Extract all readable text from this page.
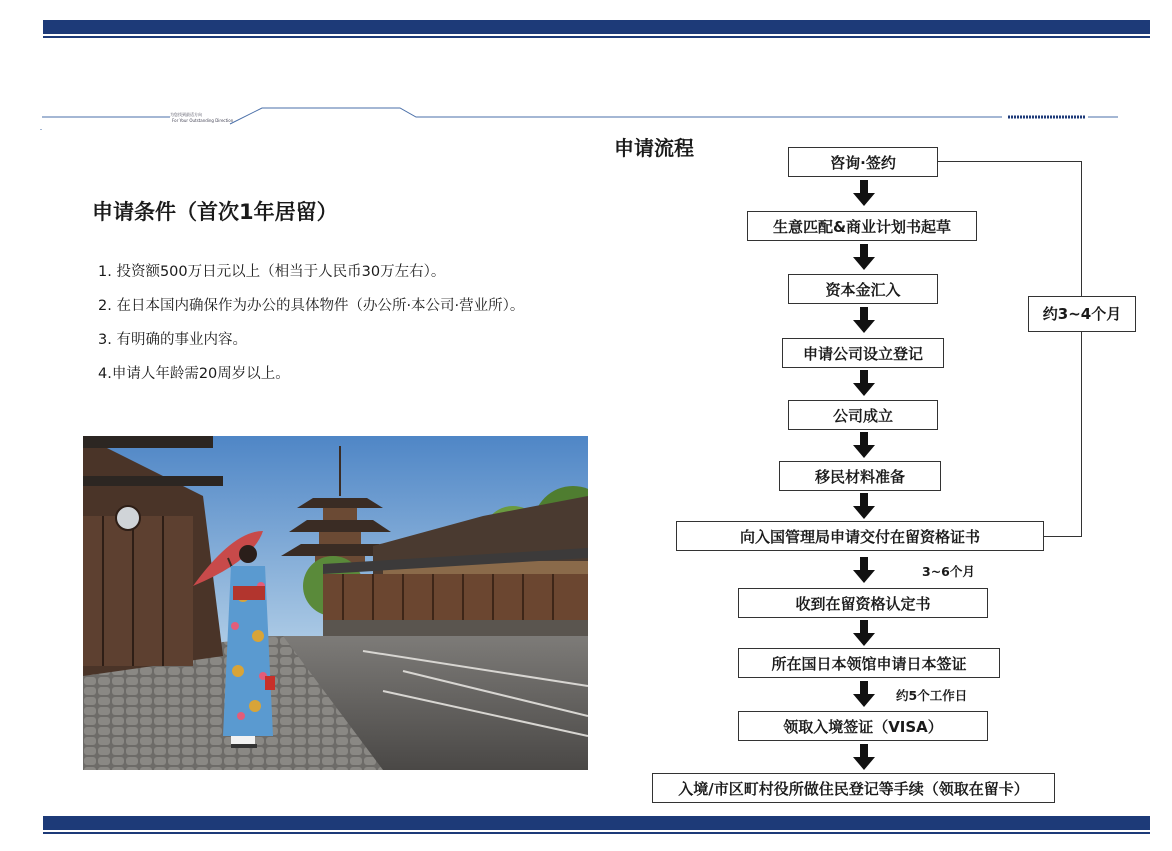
为您找到最适方向
For Your Outstanding Direction
申请条件（首次1年居留）
1. 投资额500万日元以上（相当于人民币30万左右）。
2. 在日本国内确保作为办公的具体物件（办公所·本公司·营业所）。
3. 有明确的事业内容。
4.申请人年龄需20周岁以上。
申请流程
咨询·签约
生意匹配&商业计划书起草
资本金汇入
申请公司设立登记
公司成立
移民材料准备
向入国管理局申请交付在留资格证书
收到在留资格认定书
所在国日本领馆申请日本签证
领取入境签证（VISA）
入境/市区町村役所做住民登记等手续（领取在留卡）
3~6个月
约5个工作日
约3~4个月
